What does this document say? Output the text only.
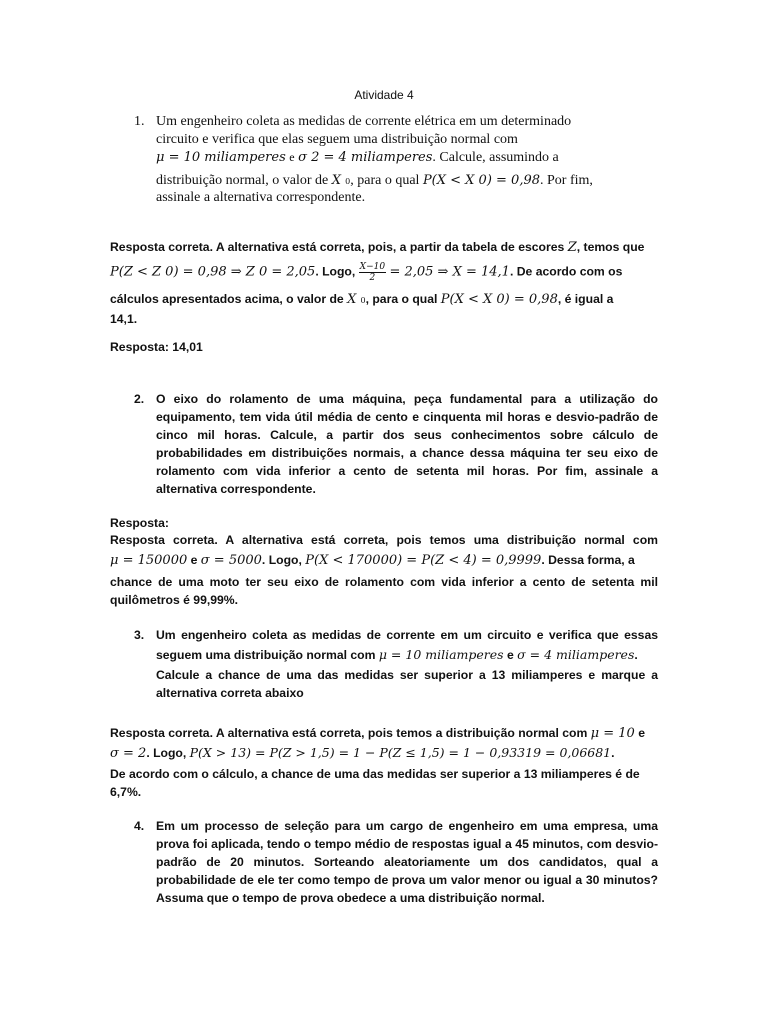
Atividade 4
1. Um engenheiro coleta as medidas de corrente elétrica em um determinado
circuito e verifica que elas seguem uma distribuição normal com
μ = 10 miliamperes e σ 2 = 4 miliamperes. Calcule, assumindo a
distribuição normal, o valor de X 0, para o qual P(X < X 0) = 0,98. Por fim,
assinale a alternativa correspondente.
Resposta correta. A alternativa está correta, pois, a partir da tabela de escores Z, temos que
P(Z < Z 0) = 0,98 ⇒ Z 0 = 2,05. Logo, $\frac{X-10}{2} = 2,05$ ⇒ X = 14,1. De acordo com os
cálculos apresentados acima, o valor de X 0, para o qual P(X < X 0) = 0,98, é igual a
14,1.
Resposta: 14,01
2. O eixo do rolamento de uma máquina, peça fundamental para a utilização do
equipamento, tem vida útil média de cento e cinquenta mil horas e desvio-padrão de
cinco mil horas. Calcule, a partir dos seus conhecimentos sobre cálculo de
probabilidades em distribuições normais, a chance dessa máquina ter seu eixo de
rolamento com vida inferior a cento de setenta mil horas. Por fim, assinale a
alternativa correspondente.
Resposta:
Resposta correta. A alternativa está correta, pois temos uma distribuição normal com
μ = 150000 e σ = 5000. Logo, P(X < 170000) = P(Z < 4) = 0,9999. Dessa forma, a
chance de uma moto ter seu eixo de rolamento com vida inferior a cento de setenta mil
quilômetros é 99,99%.
3. Um engenheiro coleta as medidas de corrente em um circuito e verifica que essas
seguem uma distribuição normal com μ = 10 miliamperes e σ = 4 miliamperes.
Calcule a chance de uma das medidas ser superior a 13 miliamperes e marque a
alternativa correta abaixo
Resposta correta. A alternativa está correta, pois temos a distribuição normal com μ = 10 e
σ = 2. Logo, P(X > 13) = P(Z > 1,5) = 1 − P(Z ≤ 1,5) = 1 − 0,93319 = 0,06681.
De acordo com o cálculo, a chance de uma das medidas ser superior a 13 miliamperes é de
6,7%.
4. Em um processo de seleção para um cargo de engenheiro em uma empresa, uma
prova foi aplicada, tendo o tempo médio de respostas igual a 45 minutos, com desvio-
padrão de 20 minutos. Sorteando aleatoriamente um dos candidatos, qual a
probabilidade de ele ter como tempo de prova um valor menor ou igual a 30 minutos?
Assuma que o tempo de prova obedece a uma distribuição normal.
